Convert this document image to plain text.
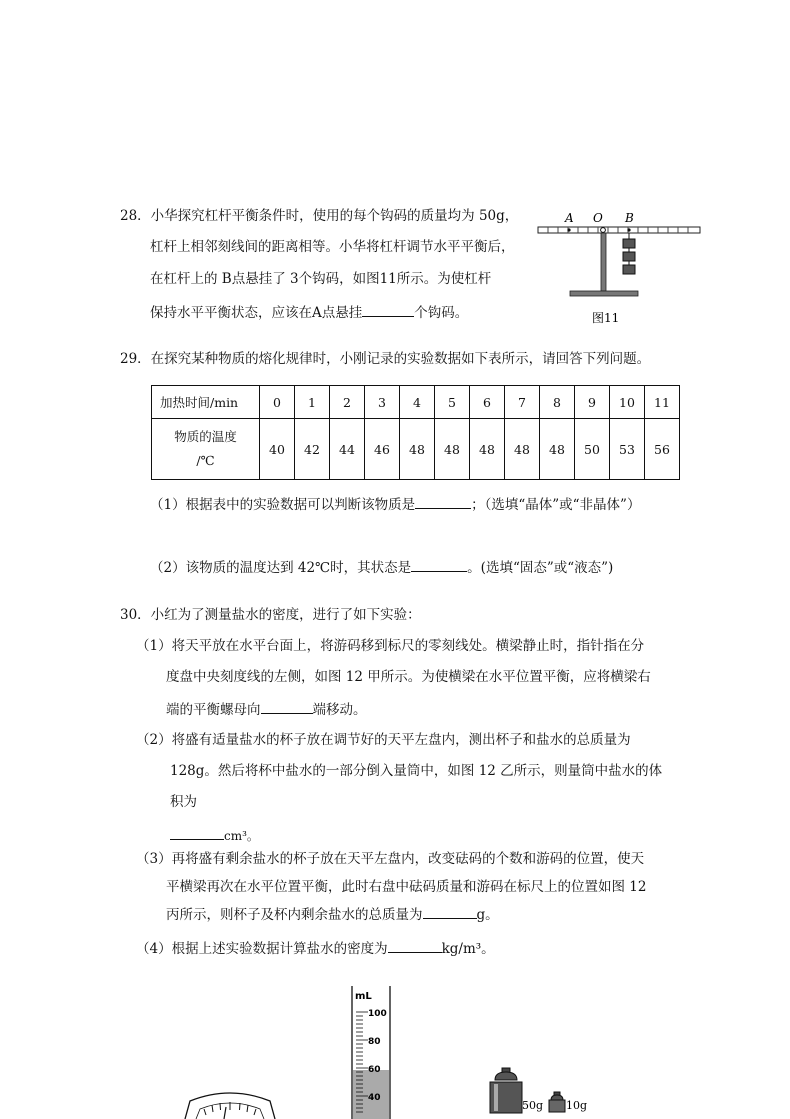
28．小华探究杠杆平衡条件时，使用的每个钩码的质量均为 50g，
杠杆上相邻刻线间的距离相等。小华将杠杆调节水平平衡后，
在杠杆上的 B点悬挂了 3个钩码，如图11所示。为使杠杆
保持水平平衡状态，应该在A点悬挂	个钩码。
A O B
图11
29．在探究某种物质的熔化规律时，小刚记录的实验数据如下表所示，请回答下列问题。
加热时间/min	0	1	2	3	4	5	6	7	8	9	10	11

物质的温度
/℃	40	42	44	46	48	48	48	48	48	50	53	56
（1）根据表中的实验数据可以判断该物质是	；（选填“晶体”或“非晶体”）
（2）该物质的温度达到 42℃时，其状态是	。(选填“固态”或“液态”)
30．小红为了测量盐水的密度，进行了如下实验：
（1）将天平放在水平台面上，将游码移到标尺的零刻线处。横梁静止时，指针指在分
度盘中央刻度线的左侧，如图 12 甲所示。为使横梁在水平位置平衡，应将横梁右
端的平衡螺母向	端移动。
（2）将盛有适量盐水的杯子放在调节好的天平左盘内，测出杯子和盐水的总质量为
128g。然后将杯中盐水的一部分倒入量筒中，如图 12 乙所示，则量筒中盐水的体
积为
cm³。
（3）再将盛有剩余盐水的杯子放在天平左盘内，改变砝码的个数和游码的位置，使天
平横梁再次在水平位置平衡，此时右盘中砝码质量和游码在标尺上的位置如图 12
丙所示，则杯子及杯内剩余盐水的总质量为	g。
（4）根据上述实验数据计算盐水的密度为	kg/m³。
mL
100
80
60
40
50g 10g
